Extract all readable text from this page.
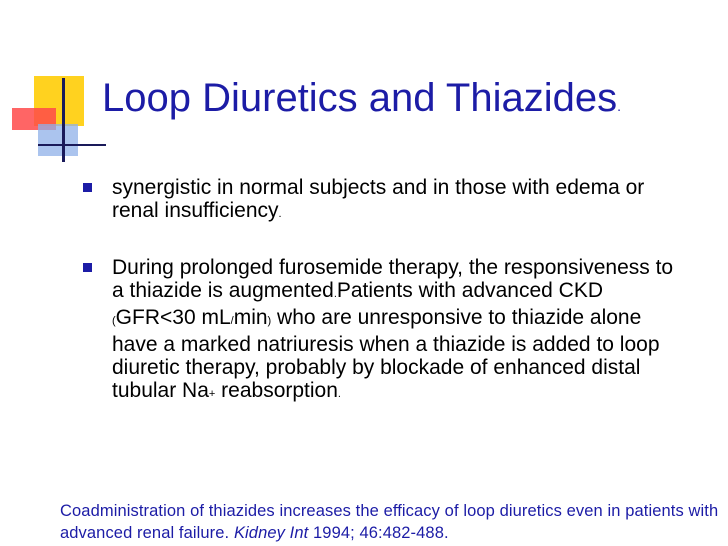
Loop Diuretics and Thiazides.
synergistic in normal subjects and in those with edema or renal insufficiency.
During prolonged furosemide therapy, the responsiveness to a thiazide is augmented.Patients with advanced CKD (GFR<30 mL/min) who are unresponsive to thiazide alone have a marked natriuresis when a thiazide is added to loop diuretic therapy, probably by blockade of enhanced distal tubular Na+ reabsorption.
Coadministration of thiazides increases the efficacy of loop diuretics even in patients with advanced renal failure. Kidney Int 1994; 46:482-488.
